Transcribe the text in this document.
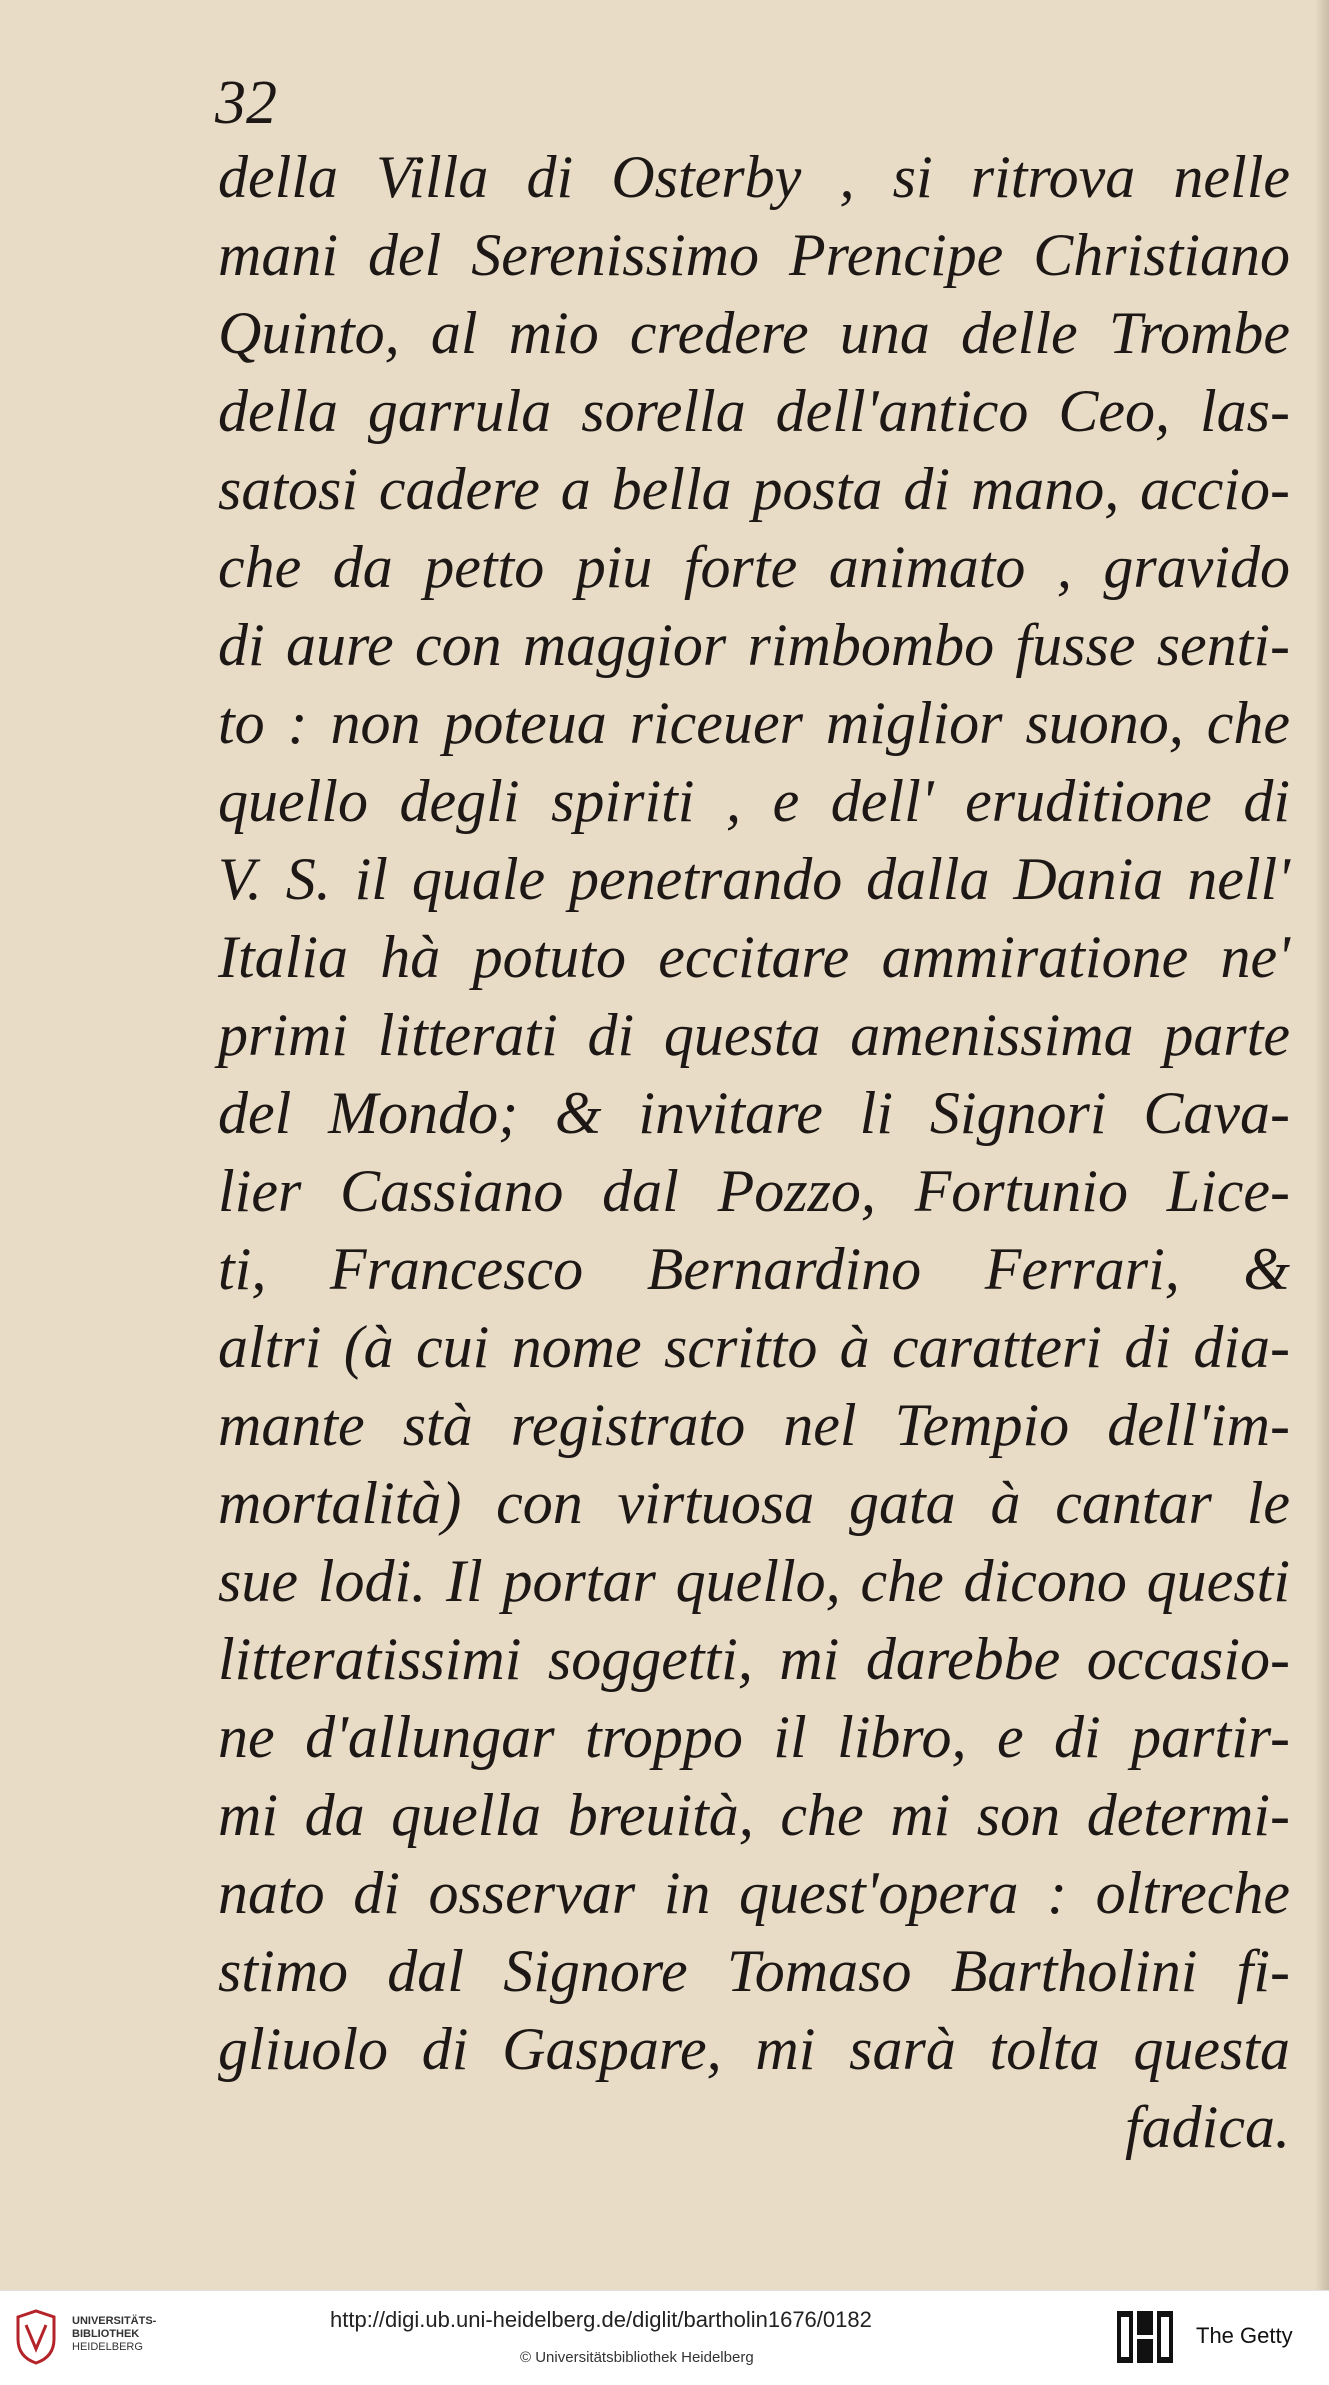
32
della Villa di Osterby , si ritrova nelle
mani del Serenissimo Prencipe Christiano
Quinto, al mio credere una delle Trombe
della garrula sorella dell'antico Ceo, las-
satosi cadere a bella posta di mano, accio-
che da petto piu forte animato , gravido
di aure con maggior rimbombo fusse senti-
to : non poteua riceuer miglior suono, che
quello degli spiriti , e dell' eruditione di
V. S. il quale penetrando dalla Dania nell'
Italia hà potuto eccitare ammiratione ne'
primi litterati di questa amenissima parte
del Mondo; & invitare li Signori Cava-
lier Cassiano dal Pozzo, Fortunio Lice-
ti, Francesco Bernardino Ferrari, &
altri (à cui nome scritto à caratteri di dia-
mante stà registrato nel Tempio dell'im-
mortalità) con virtuosa gata à cantar le
sue lodi. Il portar quello, che dicono questi
litteratissimi soggetti, mi darebbe occasio-
ne d'allungar troppo il libro, e di partir-
mi da quella breuità, che mi son determi-
nato di osservar in quest'opera : oltreche
stimo dal Signore Tomaso Bartholini fi-
gliuolo di Gaspare, mi sarà tolta questa
fadica.
UNIVERSITÄTS-
BIBLIOTHEK
HEIDELBERG
http://digi.ub.uni-heidelberg.de/diglit/bartholin1676/0182
© Universitätsbibliothek Heidelberg
The Getty
